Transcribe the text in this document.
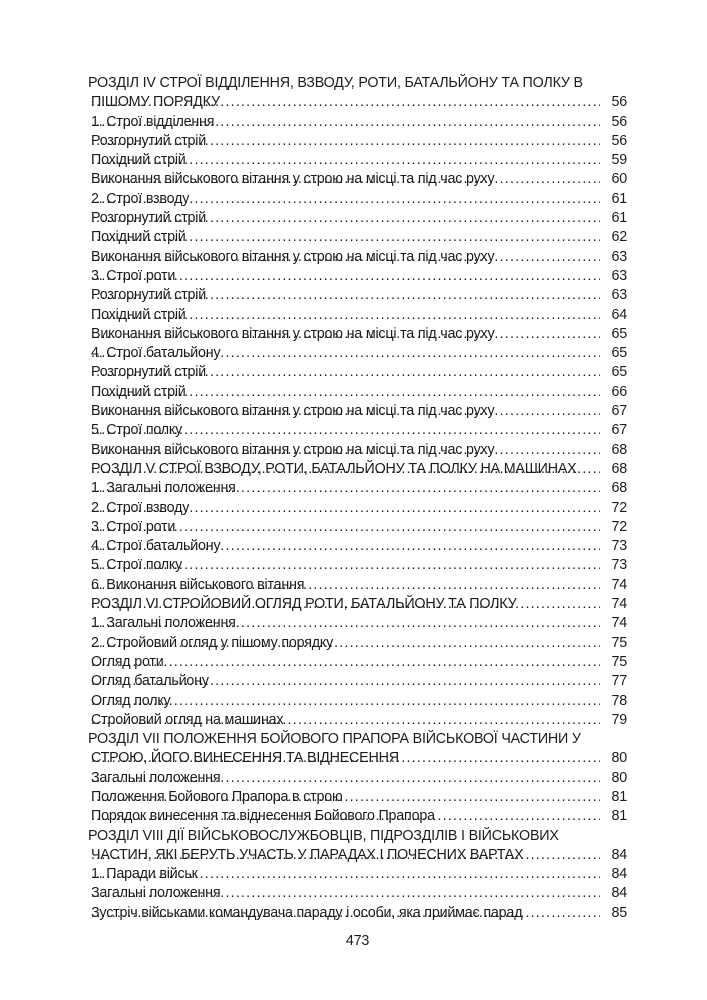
РОЗДІЛ IV СТРОЇ ВІДДІЛЕННЯ, ВЗВОДУ, РОТИ, БАТАЛЬЙОНУ ТА ПОЛКУ В ПІШОМУ ПОРЯДКУ	56
1. Строї відділення	56
Розгорнутий стрій	56
Похідний стрій	59
Виконання військового вітання у строю на місці та під час руху	60
2. Строї взводу	61
Розгорнутий стрій	61
Похідний стрій	62
Виконання військового вітання у строю на місці та під час руху	63
3. Строї роти	63
Розгорнутий стрій	63
Похідний стрій	64
Виконання військового вітання у строю на місці та під час руху	65
4. Строї батальйону	65
Розгорнутий стрій	65
Похідний стрій	66
Виконання військового вітання у строю на місці та під час руху	67
5. Строї полку	67
Виконання військового вітання у строю на місці та під час руху	68
РОЗДІЛ V СТРОЇ ВЗВОДУ, РОТИ, БАТАЛЬЙОНУ ТА ПОЛКУ НА МАШИНАХ	68
1. Загальні положення	68
2. Строї взводу	72
3. Строї роти	72
4. Строї батальйону	73
5. Строї полку	73
6. Виконання військового вітання	74
РОЗДІЛ VI СТРОЙОВИЙ ОГЛЯД РОТИ, БАТАЛЬЙОНУ ТА ПОЛКУ	74
1. Загальні положення	74
2. Стройовий огляд у пішому порядку	75
Огляд роти	75
Огляд батальйону	77
Огляд полку	78
Стройовий огляд на машинах	79
РОЗДІЛ VII ПОЛОЖЕННЯ БОЙОВОГО ПРАПОРА ВІЙСЬКОВОЇ ЧАСТИНИ У СТРОЮ, ЙОГО ВИНЕСЕННЯ ТА ВІДНЕСЕННЯ	80
Загальні положення	80
Положення Бойового Прапора в строю	81
Порядок винесення та віднесення Бойового Прапора	81
РОЗДІЛ VIII ДІЇ ВІЙСЬКОВОСЛУЖБОВЦІВ, ПІДРОЗДІЛІВ І ВІЙСЬКОВИХ ЧАСТИН, ЯКІ БЕРУТЬ УЧАСТЬ У ПАРАДАХ І ПОЧЕСНИХ ВАРТАХ	84
1. Паради військ	84
Загальні положення	84
Зустріч військами командувача параду і особи, яка приймає парад	85
473
